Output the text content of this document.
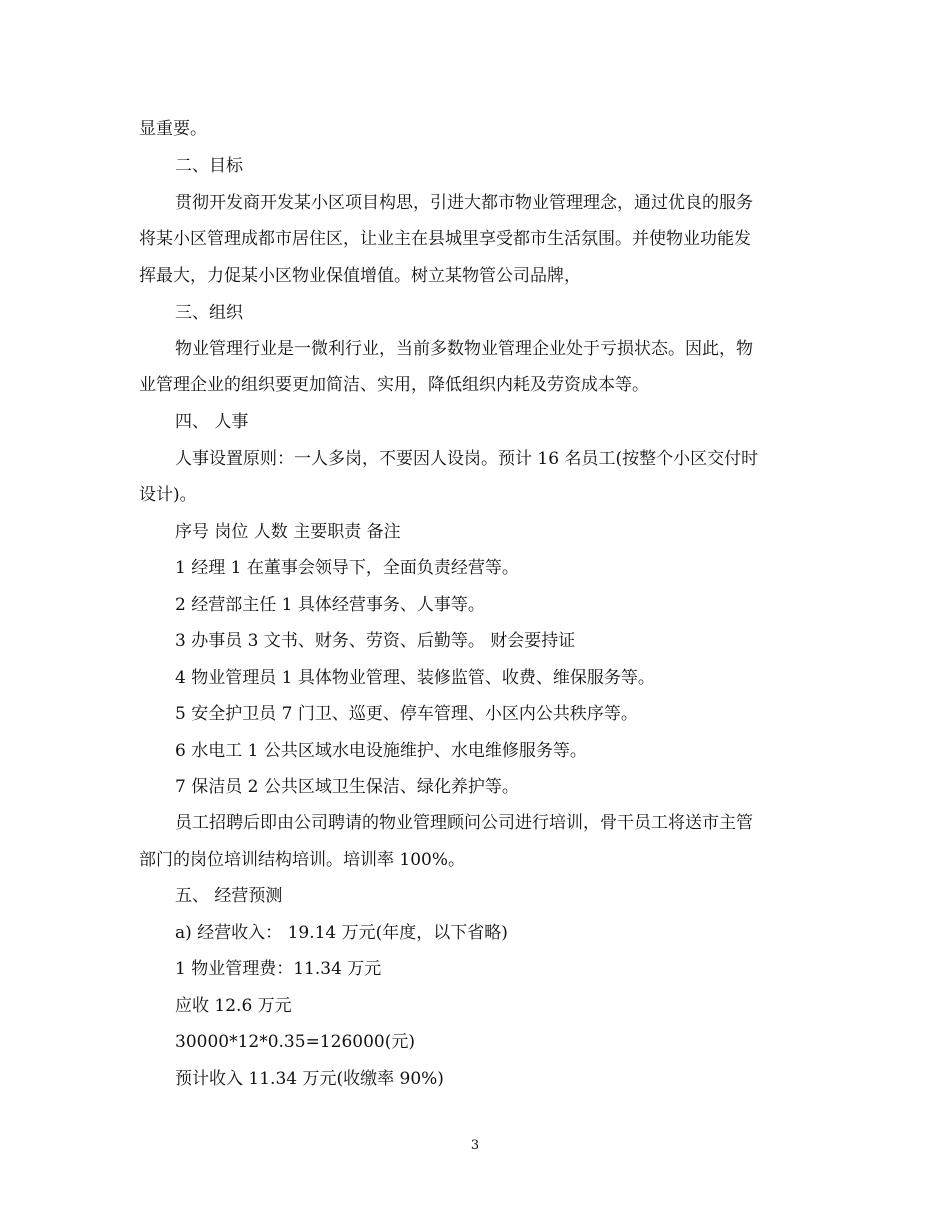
显重要。
二、目标
贯彻开发商开发某小区项目构思，引进大都市物业管理理念，通过优良的服务
将某小区管理成都市居住区，让业主在县城里享受都市生活氛围。并使物业功能发
挥最大，力促某小区物业保值增值。树立某物管公司品牌，
三、组织
物业管理行业是一微利行业，当前多数物业管理企业处于亏损状态。因此，物
业管理企业的组织要更加简洁、实用，降低组织内耗及劳资成本等。
四、 人事
人事设置原则：一人多岗，不要因人设岗。预计 16 名员工(按整个小区交付时
设计)。
序号 岗位 人数 主要职责 备注
1 经理 1 在董事会领导下，全面负责经营等。
2 经营部主任 1 具体经营事务、人事等。
3 办事员 3 文书、财务、劳资、后勤等。 财会要持证
4 物业管理员 1 具体物业管理、装修监管、收费、维保服务等。
5 安全护卫员 7 门卫、巡更、停车管理、小区内公共秩序等。
6 水电工 1 公共区域水电设施维护、水电维修服务等。
7 保洁员 2 公共区域卫生保洁、绿化养护等。
员工招聘后即由公司聘请的物业管理顾问公司进行培训，骨干员工将送市主管
部门的岗位培训结构培训。培训率 100%。
五、 经营预测
a) 经营收入： 19.14 万元(年度，以下省略)
1 物业管理费：11.34 万元
应收 12.6 万元
30000*12*0.35=126000(元)
预计收入 11.34 万元(收缴率 90%)
3
